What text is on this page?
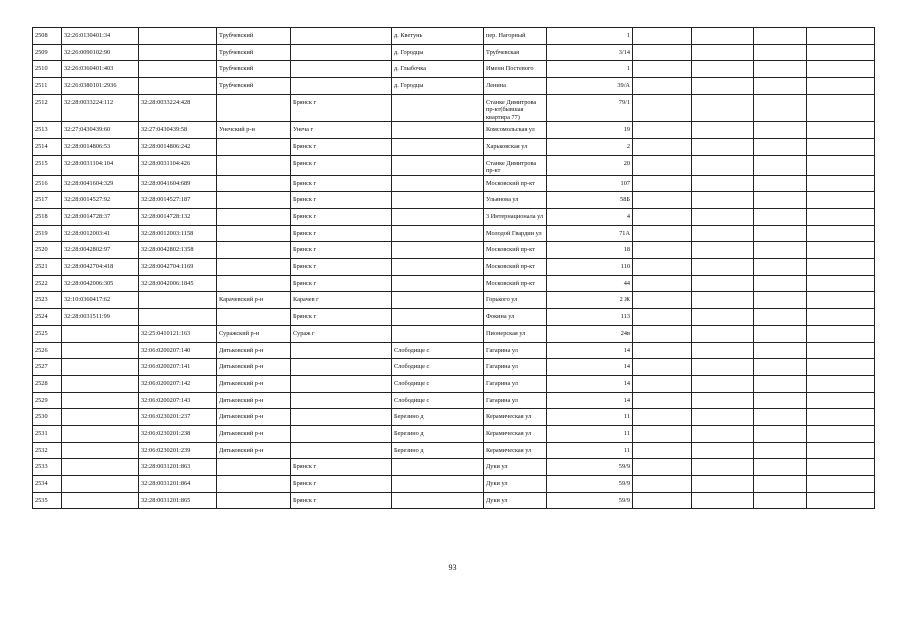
2508	32:26:0130401:34		Трубчевский		д. Кветунь	пер. Нагорный	1				
2509	32:26:0090102:90		Трубчевский		д. Городцы	Трубчевская	3/14				
2510	32:26:0360401:403		Трубчевский		д. Глыбочка	Имени Постевого	1				
2511	32:26:0380101:2936		Трубчевский		д. Городцы	Ленина	39/А				
2512	32:28:0033224:112	32:28:0033224:428		Брянск г		Станке Димитрова пр-кт(бывшая квартира 77)	79/1				
2513	32:27:0430439:60	32:27:0430439:58	Унечский р-н	Унеча г		Комсомольская ул	19				
2514	32:28:0014806:53	32:28:0014806:242		Брянск г		Харьковская ул	2				
2515	32:28:0031104:104	32:28:0031104:426		Брянск г		Станке Димитрова пр-кт	20				
2516	32:28:0041604:329	32:28:0041604:689		Брянск г		Московский пр-кт	107				
2517	32:28:0014527:92	32:28:0014527:187		Брянск г		Ульянова ул	58Б				
2518	32:28:0014728:37	32:28:0014728:132		Брянск г		3 Интернационала ул	4				
2519	32:28:0012003:41	32:28:0012003:1158		Брянск г		Молодой Гвардии ул	71А				
2520	32:28:0042802:97	32:28:0042802:1358		Брянск г		Московский пр-кт	18				
2521	32:28:0042704:418	32:28:0042704:1169		Брянск г		Московский пр-кт	110				
2522	32:28:0042006:305	32:28:0042006:1845		Брянск г		Московский пр-кт	44				
2523	32:10:0360417:62		Карачевский р-н	Карачев г		Горького ул	2 Ж				
2524	32:28:0031511:99			Брянск г		Фокина ул	113				
2525		32:25:0410121:163	Суражский р-н	Сураж г		Пионерская ул	24в				
2526		32:06:0200207:140	Дятьковский р-н		Слободище с	Гагарина ул	14				
2527		32:06:0200207:141	Дятьковский р-н		Слободище с	Гагарина ул	14				
2528		32:06:0200207:142	Дятьковский р-н		Слободище с	Гагарина ул	14				
2529		32:06:0200207:143	Дятьковский р-н		Слободище с	Гагарина ул	14				
2530		32:06:0230201:237	Дятьковский р-н		Березино д	Керамическая ул	11				
2531		32:06:0230201:238	Дятьковский р-н		Березино д	Керамическая ул	11				
2532		32:06:0230201:239	Дятьковский р-н		Березино д	Керамическая ул	11				
2533		32:28:0031201:863		Брянск г		Дуки ул	59/9				
2534		32:28:0031201:864		Брянск г		Дуки ул	59/9				
2535		32:28:0031201:865		Брянск г		Дуки ул	59/9				
93
